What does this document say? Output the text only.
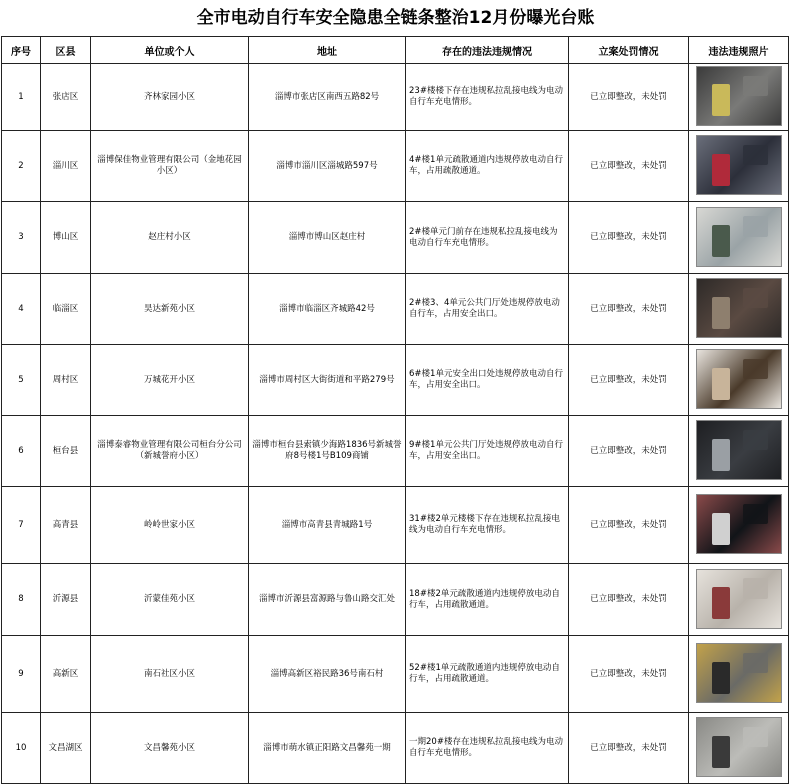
全市电动自行车安全隐患全链条整治12月份曝光台账
序号	区县	单位或个人	地址	存在的违法违规情况	立案处罚情况	违法违规照片
1	张店区	齐林家园小区	淄博市张店区南西五路82号	23#楼楼下存在违规私拉乱接电线为电动自行车充电情形。	已立即整改，未处罚	

2	淄川区	淄博保佳物业管理有限公司（金地花园小区）	淄博市淄川区淄城路597号	4#楼1单元疏散通道内违规停放电动自行车，占用疏散通道。	已立即整改，未处罚	

3	博山区	赵庄村小区	淄博市博山区赵庄村	2#楼单元门前存在违规私拉乱接电线为电动自行车充电情形。	已立即整改，未处罚	

4	临淄区	昊达新苑小区	淄博市临淄区齐城路42号	2#楼3、4单元公共门厅处违规停放电动自行车，占用安全出口。	已立即整改，未处罚	

5	周村区	万城花开小区	淄博市周村区大街街道和平路279号	6#楼1单元安全出口处违规停放电动自行车，占用安全出口。	已立即整改，未处罚	

6	桓台县	淄博泰睿物业管理有限公司桓台分公司（新城誉府小区）	淄博市桓台县索镇少海路1836号新城誉府8号楼1号B109商铺	9#楼1单元公共门厅处违规停放电动自行车，占用安全出口。	已立即整改，未处罚	

7	高青县	岭岭世家小区	淄博市高青县青城路1号	31#楼2单元楼楼下存在违规私拉乱接电线为电动自行车充电情形。	已立即整改，未处罚	

8	沂源县	沂蒙佳苑小区	淄博市沂源县富源路与鲁山路交汇处	18#楼2单元疏散通道内违规停放电动自行车，占用疏散通道。	已立即整改，未处罚	

9	高新区	南石社区小区	淄博高新区裕民路36号南石村	52#楼1单元疏散通道内违规停放电动自行车，占用疏散通道。	已立即整改，未处罚	

10	文昌湖区	文昌馨苑小区	淄博市萌水镇正阳路文昌馨苑一期	一期20#楼存在违规私拉乱接电线为电动自行车充电情形。	已立即整改，未处罚	
